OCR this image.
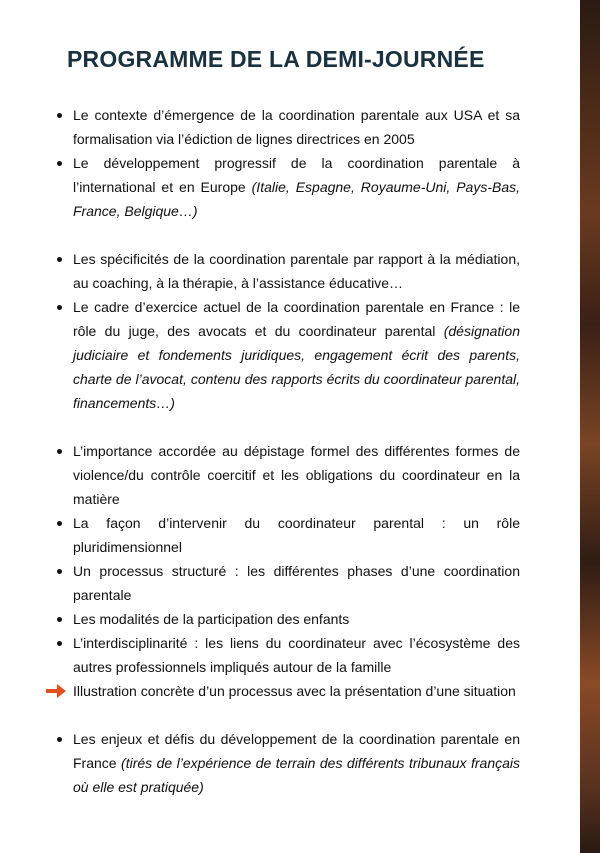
PROGRAMME DE LA DEMI-JOURNÉE
Le contexte d’émergence de la coordination parentale aux USA et sa formalisation via l’édiction de lignes directrices en 2005
Le développement progressif de la coordination parentale à l’international et en Europe (Italie, Espagne, Royaume-Uni, Pays-Bas, France, Belgique…)
Les spécificités de la coordination parentale par rapport à la médiation, au coaching, à la thérapie, à l’assistance éducative…
Le cadre d’exercice actuel de la coordination parentale en France : le rôle du juge, des avocats et du coordinateur parental (désignation judiciaire et fondements juridiques, engagement écrit des parents, charte de l’avocat, contenu des rapports écrits du coordinateur parental, financements…)
L’importance accordée au dépistage formel des différentes formes de violence/du contrôle coercitif et les obligations du coordinateur en la matière
La façon d’intervenir du coordinateur parental : un rôle pluridimensionnel
Un processus structuré : les différentes phases d’une coordination parentale
Les modalités de la participation des enfants
L’interdisciplinarité : les liens du coordinateur avec l’écosystème des autres professionnels impliqués autour de la famille
Illustration concrète d’un processus avec la présentation d’une situation
Les enjeux et défis du développement de la coordination parentale en France (tirés de l’expérience de terrain des différents tribunaux français où elle est pratiquée)
